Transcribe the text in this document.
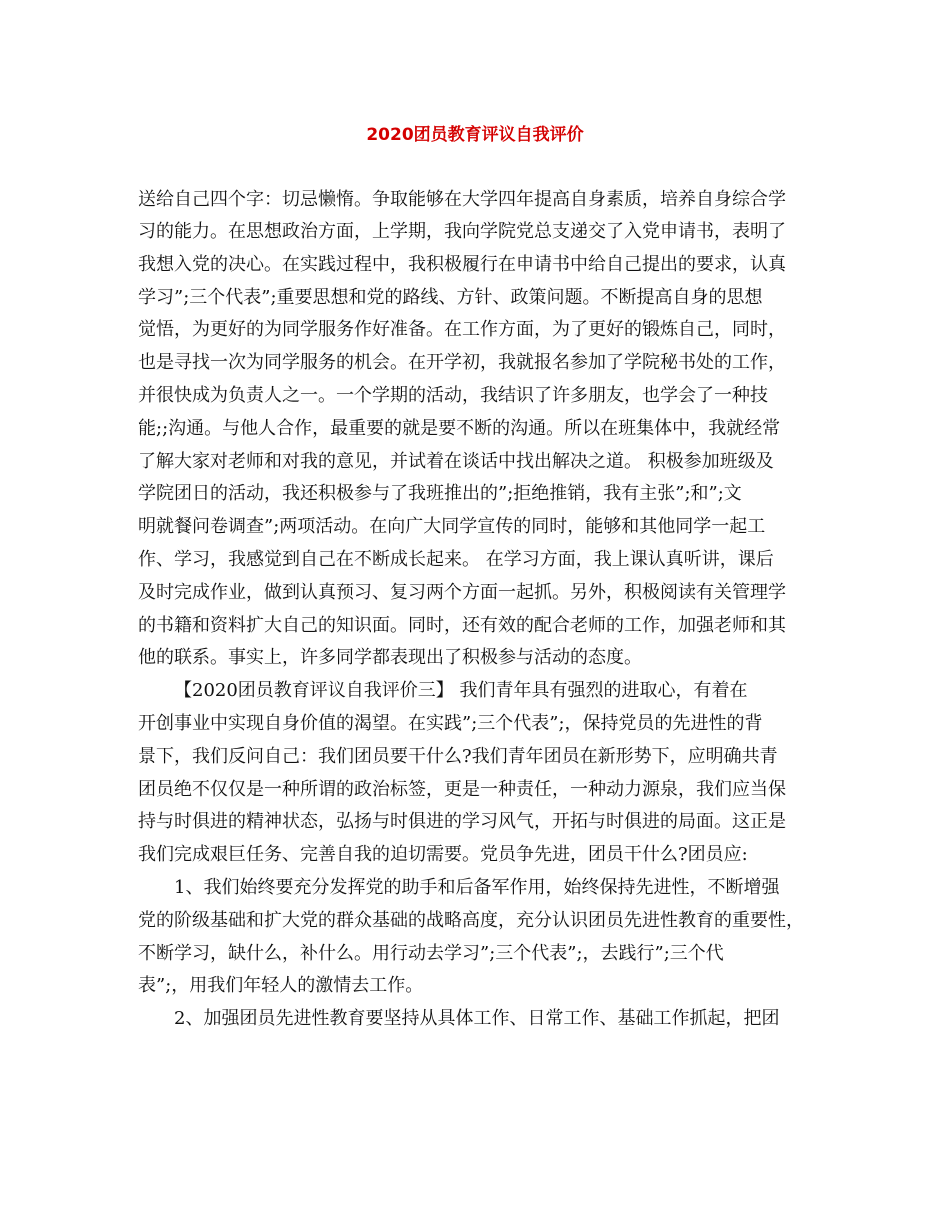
2020团员教育评议自我评价

送给自己四个字：切忌懒惰。争取能够在大学四年提高自身素质，培养自身综合学

习的能力。在思想政治方面，上学期，我向学院党总支递交了入党申请书，表明了

我想入党的决心。在实践过程中，我积极履行在申请书中给自己提出的要求，认真

学习”;三个代表”;重要思想和党的路线、方针、政策问题。不断提高自身的思想

觉悟，为更好的为同学服务作好准备。在工作方面，为了更好的锻炼自己，同时，

也是寻找一次为同学服务的机会。在开学初，我就报名参加了学院秘书处的工作，

并很快成为负责人之一。一个学期的活动，我结识了许多朋友，也学会了一种技

能;;沟通。与他人合作，最重要的就是要不断的沟通。所以在班集体中，我就经常

了解大家对老师和对我的意见，并试着在谈话中找出解决之道。 积极参加班级及

学院团日的活动，我还积极参与了我班推出的”;拒绝推销，我有主张”;和”;文

明就餐问卷调查”;两项活动。在向广大同学宣传的同时，能够和其他同学一起工

作、学习，我感觉到自己在不断成长起来。 在学习方面，我上课认真听讲，课后

及时完成作业，做到认真预习、复习两个方面一起抓。另外，积极阅读有关管理学

的书籍和资料扩大自己的知识面。同时，还有效的配合老师的工作，加强老师和其

他的联系。事实上，许多同学都表现出了积极参与活动的态度。

【2020团员教育评议自我评价三】 我们青年具有强烈的进取心，有着在

开创事业中实现自身价值的渴望。在实践”;三个代表”;，保持党员的先进性的背

景下，我们反问自己：我们团员要干什么?我们青年团员在新形势下，应明确共青

团员绝不仅仅是一种所谓的政治标签，更是一种责任，一种动力源泉，我们应当保

持与时俱进的精神状态，弘扬与时俱进的学习风气，开拓与时俱进的局面。这正是

我们完成艰巨任务、完善自我的迫切需要。党员争先进，团员干什么?团员应:

1、我们始终要充分发挥党的助手和后备军作用，始终保持先进性，不断增强

党的阶级基础和扩大党的群众基础的战略高度，充分认识团员先进性教育的重要性，

不断学习，缺什么，补什么。用行动去学习”;三个代表”;，去践行”;三个代

表”;，用我们年轻人的激情去工作。

2、加强团员先进性教育要坚持从具体工作、日常工作、基础工作抓起，把团
